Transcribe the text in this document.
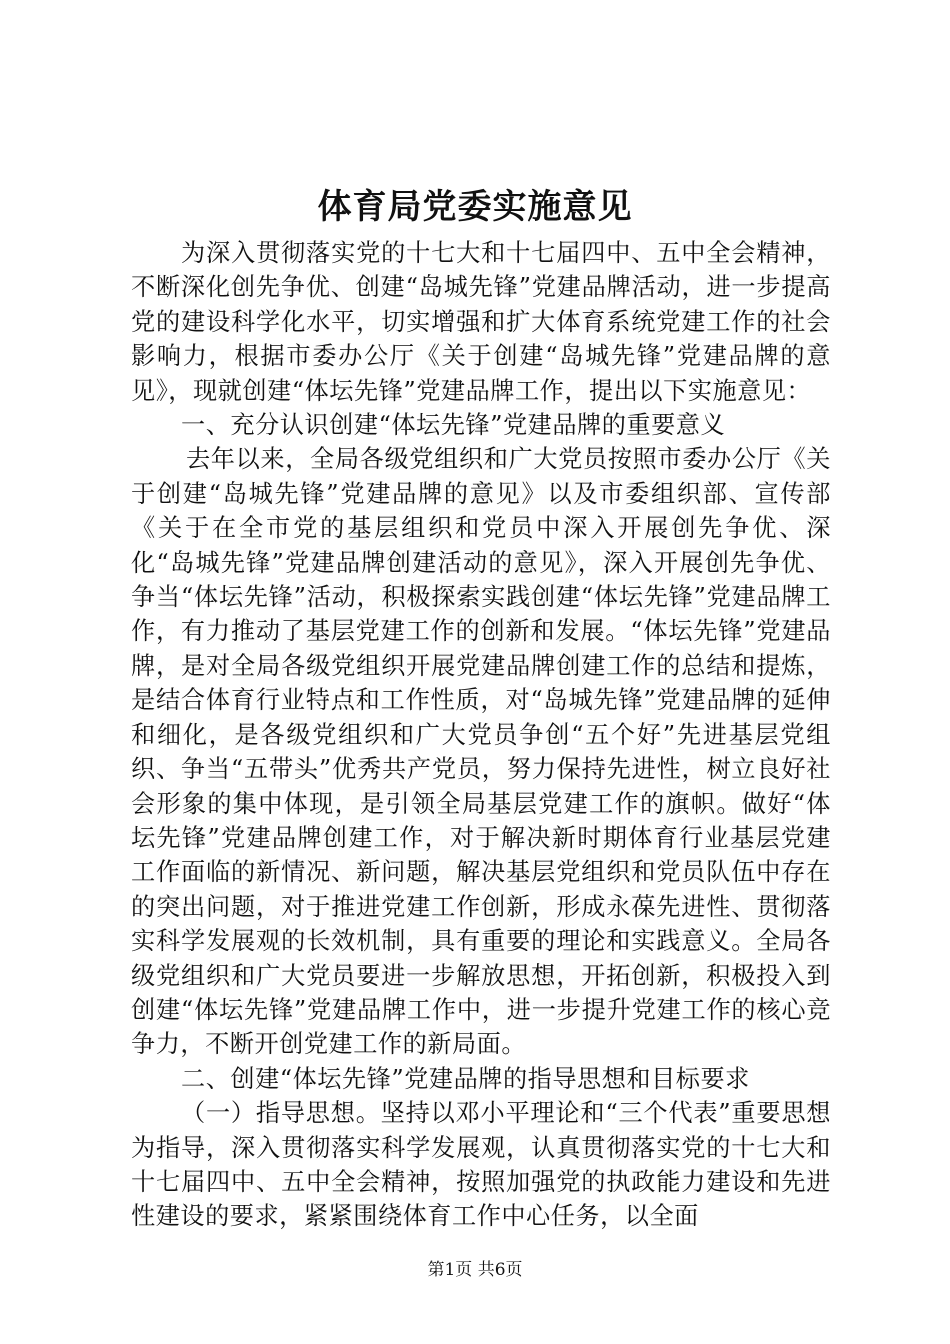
体育局党委实施意见

为深入贯彻落实党的十七大和十七届四中、五中全会精神，不断深化创先争优、创建“岛城先锋”党建品牌活动，进一步提高党的建设科学化水平，切实增强和扩大体育系统党建工作的社会影响力，根据市委办公厅《关于创建“岛城先锋”党建品牌的意见》，现就创建“体坛先锋”党建品牌工作，提出以下实施意见：

一、充分认识创建“体坛先锋”党建品牌的重要意义

去年以来，全局各级党组织和广大党员按照市委办公厅《关于创建“岛城先锋”党建品牌的意见》以及市委组织部、宣传部《关于在全市党的基层组织和党员中深入开展创先争优、深化“岛城先锋”党建品牌创建活动的意见》，深入开展创先争优、争当“体坛先锋”活动，积极探索实践创建“体坛先锋”党建品牌工作，有力推动了基层党建工作的创新和发展。“体坛先锋”党建品牌，是对全局各级党组织开展党建品牌创建工作的总结和提炼，是结合体育行业特点和工作性质，对“岛城先锋”党建品牌的延伸和细化，是各级党组织和广大党员争创“五个好”先进基层党组织、争当“五带头”优秀共产党员，努力保持先进性，树立良好社会形象的集中体现，是引领全局基层党建工作的旗帜。做好“体坛先锋”党建品牌创建工作，对于解决新时期体育行业基层党建工作面临的新情况、新问题，解决基层党组织和党员队伍中存在的突出问题，对于推进党建工作创新，形成永葆先进性、贯彻落实科学发展观的长效机制，具有重要的理论和实践意义。全局各级党组织和广大党员要进一步解放思想，开拓创新，积极投入到创建“体坛先锋”党建品牌工作中，进一步提升党建工作的核心竞争力，不断开创党建工作的新局面。

二、创建“体坛先锋”党建品牌的指导思想和目标要求

（一）指导思想。坚持以邓小平理论和“三个代表”重要思想为指导，深入贯彻落实科学发展观，认真贯彻落实党的十七大和十七届四中、五中全会精神，按照加强党的执政能力建设和先进性建设的要求，紧紧围绕体育工作中心任务，以全面

第1页 共6页
